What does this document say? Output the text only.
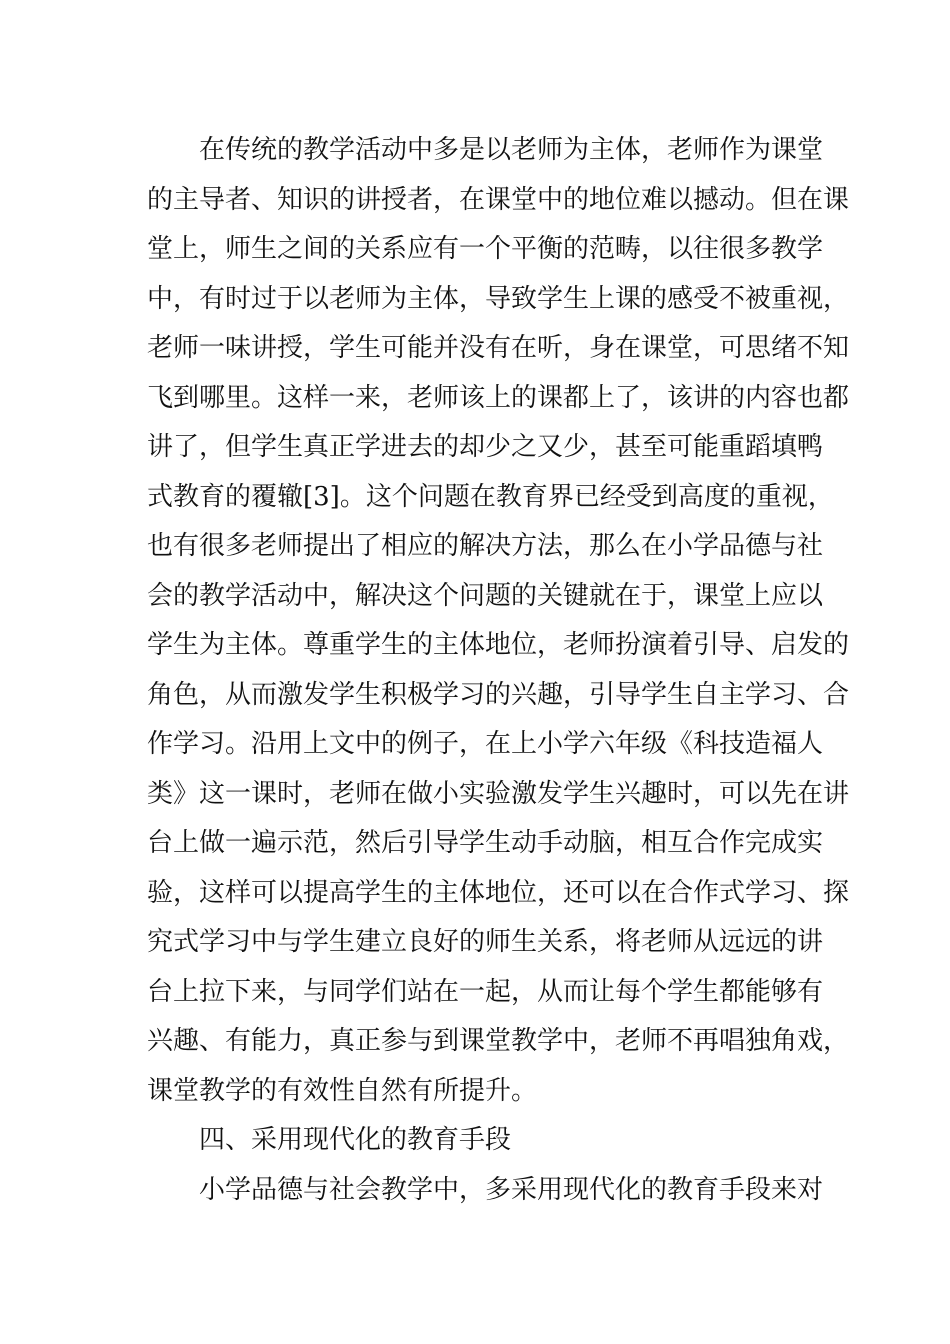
在传统的教学活动中多是以老师为主体，老师作为课堂
的主导者、知识的讲授者，在课堂中的地位难以撼动。但在课
堂上，师生之间的关系应有一个平衡的范畴，以往很多教学
中，有时过于以老师为主体，导致学生上课的感受不被重视，
老师一味讲授，学生可能并没有在听，身在课堂，可思绪不知
飞到哪里。这样一来，老师该上的课都上了，该讲的内容也都
讲了，但学生真正学进去的却少之又少，甚至可能重蹈填鸭
式教育的覆辙[3]。这个问题在教育界已经受到高度的重视，
也有很多老师提出了相应的解决方法，那么在小学品德与社
会的教学活动中，解决这个问题的关键就在于，课堂上应以
学生为主体。尊重学生的主体地位，老师扮演着引导、启发的
角色，从而激发学生积极学习的兴趣，引导学生自主学习、合
作学习。沿用上文中的例子，在上小学六年级《科技造福人
类》这一课时，老师在做小实验激发学生兴趣时，可以先在讲
台上做一遍示范，然后引导学生动手动脑，相互合作完成实
验，这样可以提高学生的主体地位，还可以在合作式学习、探
究式学习中与学生建立良好的师生关系，将老师从远远的讲
台上拉下来，与同学们站在一起，从而让每个学生都能够有
兴趣、有能力，真正参与到课堂教学中，老师不再唱独角戏，
课堂教学的有效性自然有所提升。
四、采用现代化的教育手段
小学品德与社会教学中，多采用现代化的教育手段来对
